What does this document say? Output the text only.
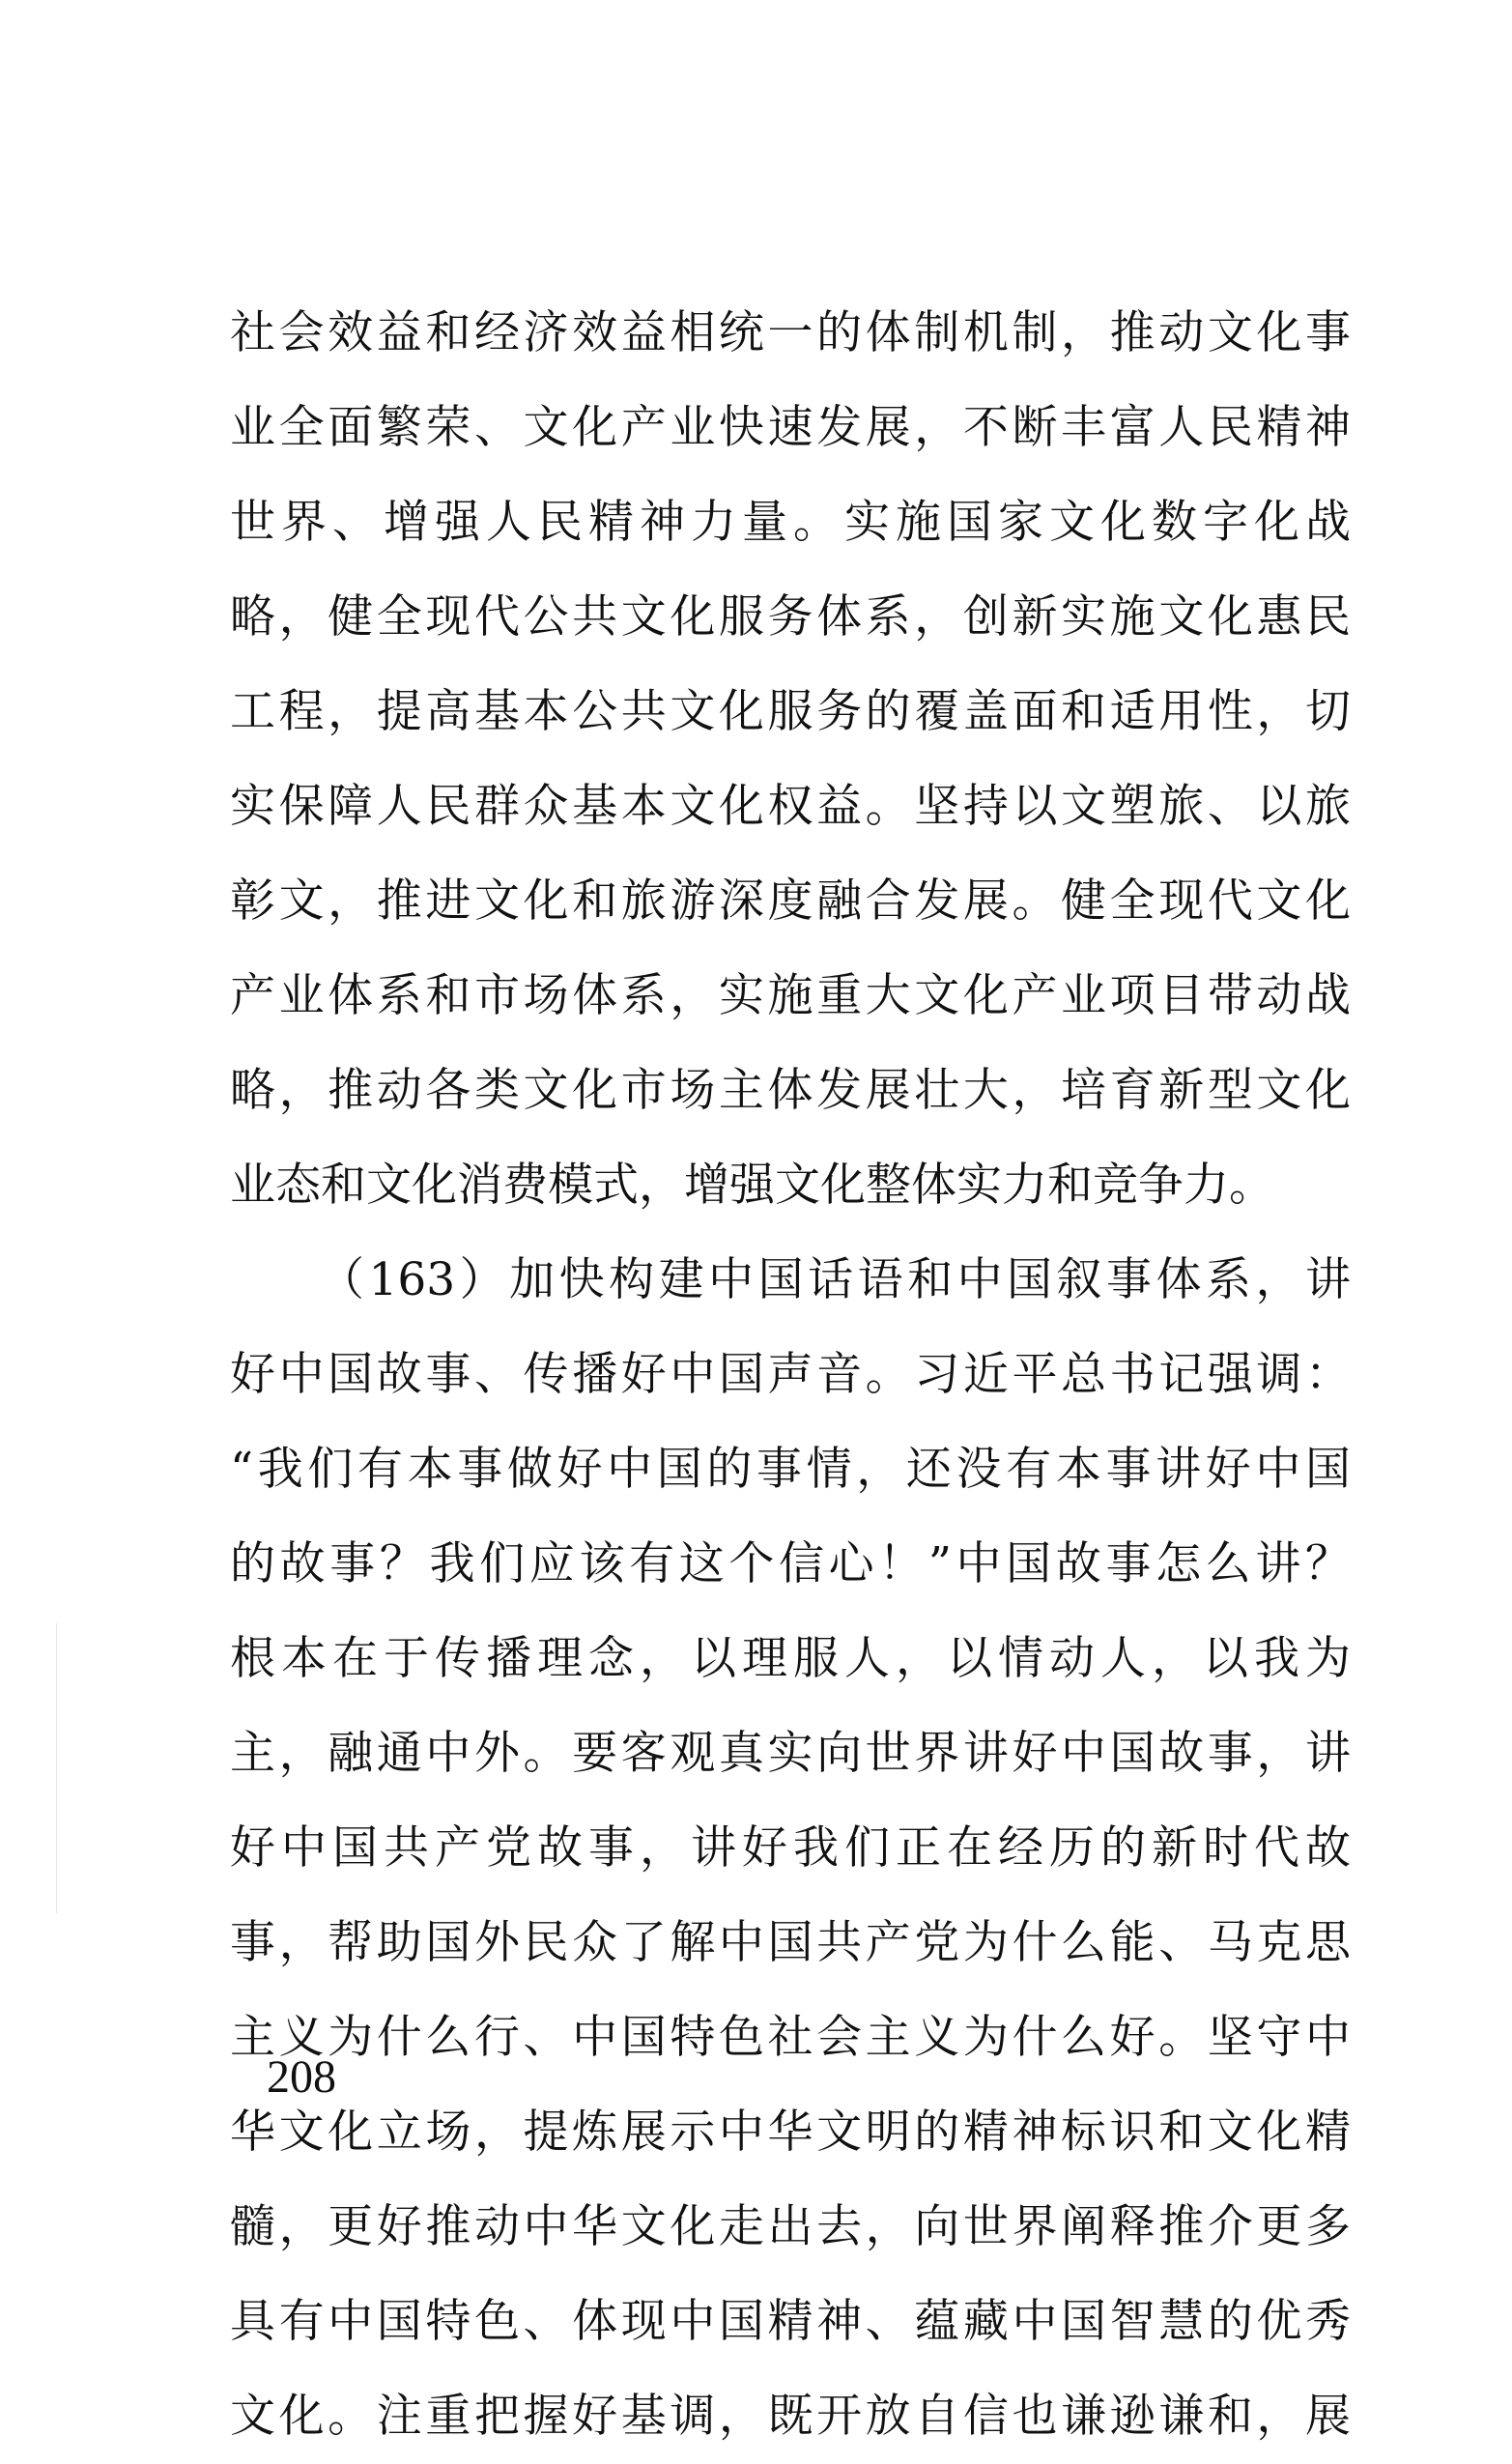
社会效益和经济效益相统一的体制机制，推动文化事
业全面繁荣、文化产业快速发展，不断丰富人民精神
世界、增强人民精神力量。实施国家文化数字化战
略，健全现代公共文化服务体系，创新实施文化惠民
工程，提高基本公共文化服务的覆盖面和适用性，切
实保障人民群众基本文化权益。坚持以文塑旅、以旅
彰文，推进文化和旅游深度融合发展。健全现代文化
产业体系和市场体系，实施重大文化产业项目带动战
略，推动各类文化市场主体发展壮大，培育新型文化
业态和文化消费模式，增强文化整体实力和竞争力。
（163）加快构建中国话语和中国叙事体系，讲
好中国故事、传播好中国声音。习近平总书记强调：
“我们有本事做好中国的事情，还没有本事讲好中国
的故事？我们应该有这个信心！”中国故事怎么讲？
根本在于传播理念，以理服人，以情动人，以我为
主，融通中外。要客观真实向世界讲好中国故事，讲
好中国共产党故事，讲好我们正在经历的新时代故
事，帮助国外民众了解中国共产党为什么能、马克思
主义为什么行、中国特色社会主义为什么好。坚守中
华文化立场，提炼展示中华文明的精神标识和文化精
髓，更好推动中华文化走出去，向世界阐释推介更多
具有中国特色、体现中国精神、蕴藏中国智慧的优秀
文化。注重把握好基调，既开放自信也谦逊谦和，展
208
